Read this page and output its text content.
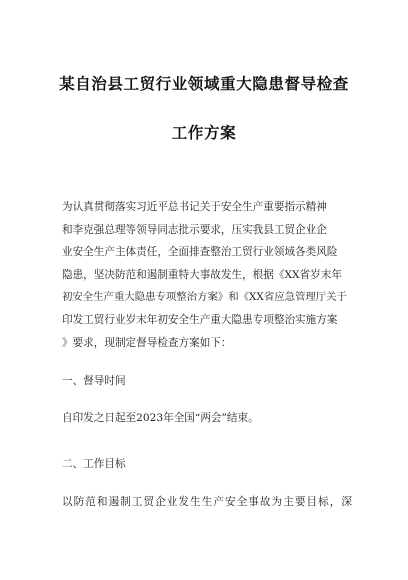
某自治县工贸行业领域重大隐患督导检查
工作方案
为认真贯彻落实习近平总书记关于安全生产重要指示精神
和李克强总理等领导同志批示要求，压实我县工贸企业企
业安全生产主体责任，全面排查整治工贸行业领域各类风险
隐患，坚决防范和遏制重特大事故发生，根据《XX省岁末年
初安全生产重大隐患专项整治方案》和《XX省应急管理厅关于
印发工贸行业岁末年初安全生产重大隐患专项整治实施方案
》要求，现制定督导检查方案如下：
一、督导时间
自印发之日起至2023年全国“两会”结束。
二、工作目标
以防范和遏制工贸企业发生生产安全事故为主要目标，深
